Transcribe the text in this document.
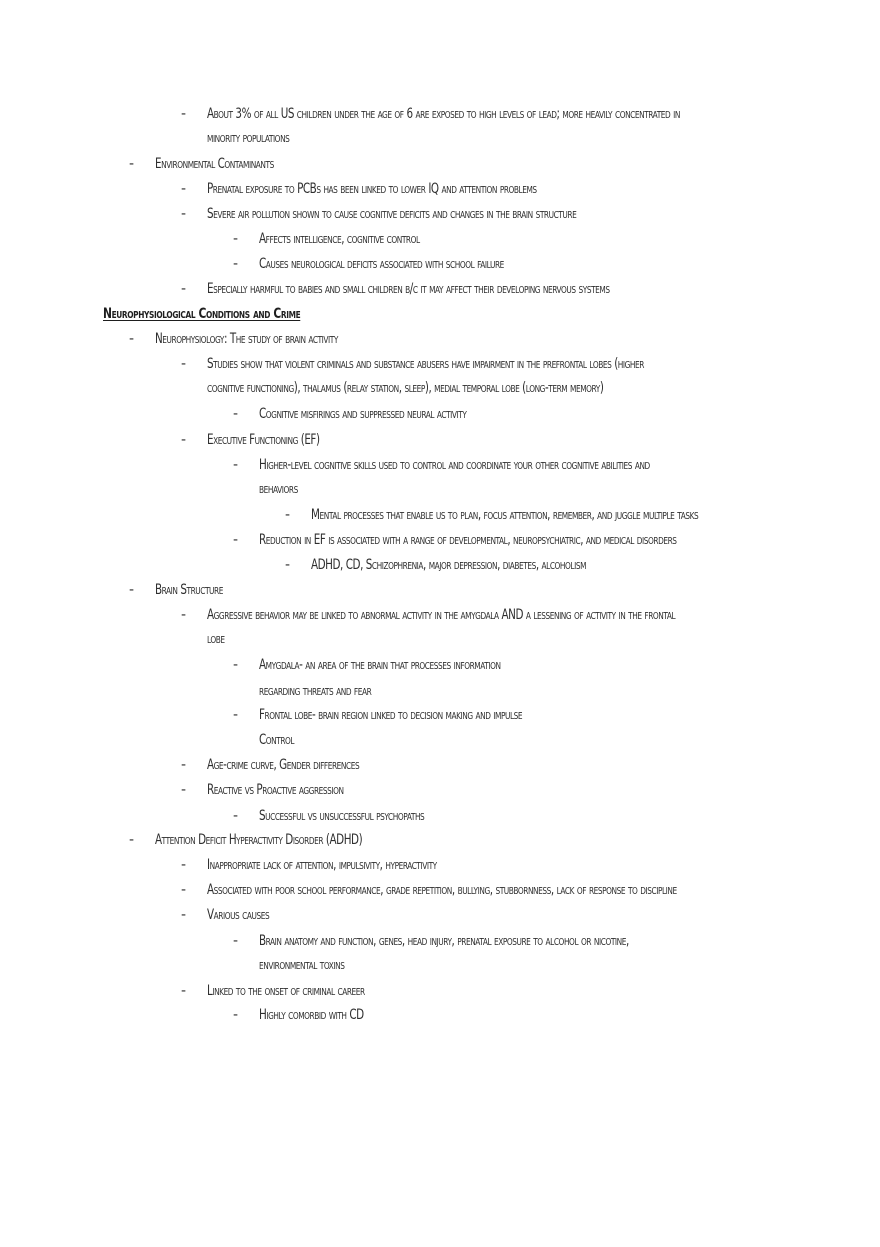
- About 3% of all US children under the age of 6 are exposed to high levels of lead; more heavily concentrated in
minority populations
- Environmental Contaminants
- Prenatal exposure to PCBs has been linked to lower IQ and attention problems
- Severe air pollution shown to cause cognitive deficits and changes in the brain structure
- Affects intelligence, cognitive control
- Causes neurological deficits associated with school failure
- Especially harmful to babies and small children b/c it may affect their developing nervous systems
Neurophysiological Conditions and Crime
- Neurophysiology: The study of brain activity
- Studies show that violent criminals and substance abusers have impairment in the prefrontal lobes (higher
cognitive functioning), thalamus (relay station, sleep), medial temporal lobe (long-term memory)
- Cognitive misfirings and suppressed neural activity
- Executive Functioning (EF)
- Higher-level cognitive skills used to control and coordinate your other cognitive abilities and
behaviors
- Mental processes that enable us to plan, focus attention, remember, and juggle multiple tasks
- Reduction in EF is associated with a range of developmental, neuropsychiatric, and medical disorders
- ADHD, CD, Schizophrenia, major depression, diabetes, alcoholism
- Brain Structure
- Aggressive behavior may be linked to abnormal activity in the amygdala AND a lessening of activity in the frontal
lobe
- Amygdala- an area of the brain that processes information
regarding threats and fear
- Frontal lobe- brain region linked to decision making and impulse
Control
- Age-crime curve, Gender differences
- Reactive vs Proactive aggression
- Successful vs unsuccessful psychopaths
- Attention Deficit Hyperactivity Disorder (ADHD)
- Inappropriate lack of attention, impulsivity, hyperactivity
- Associated with poor school performance, grade repetition, bullying, stubbornness, lack of response to discipline
- Various causes
- Brain anatomy and function, genes, head injury, prenatal exposure to alcohol or nicotine,
environmental toxins
- Linked to the onset of criminal career
- Highly comorbid with CD
